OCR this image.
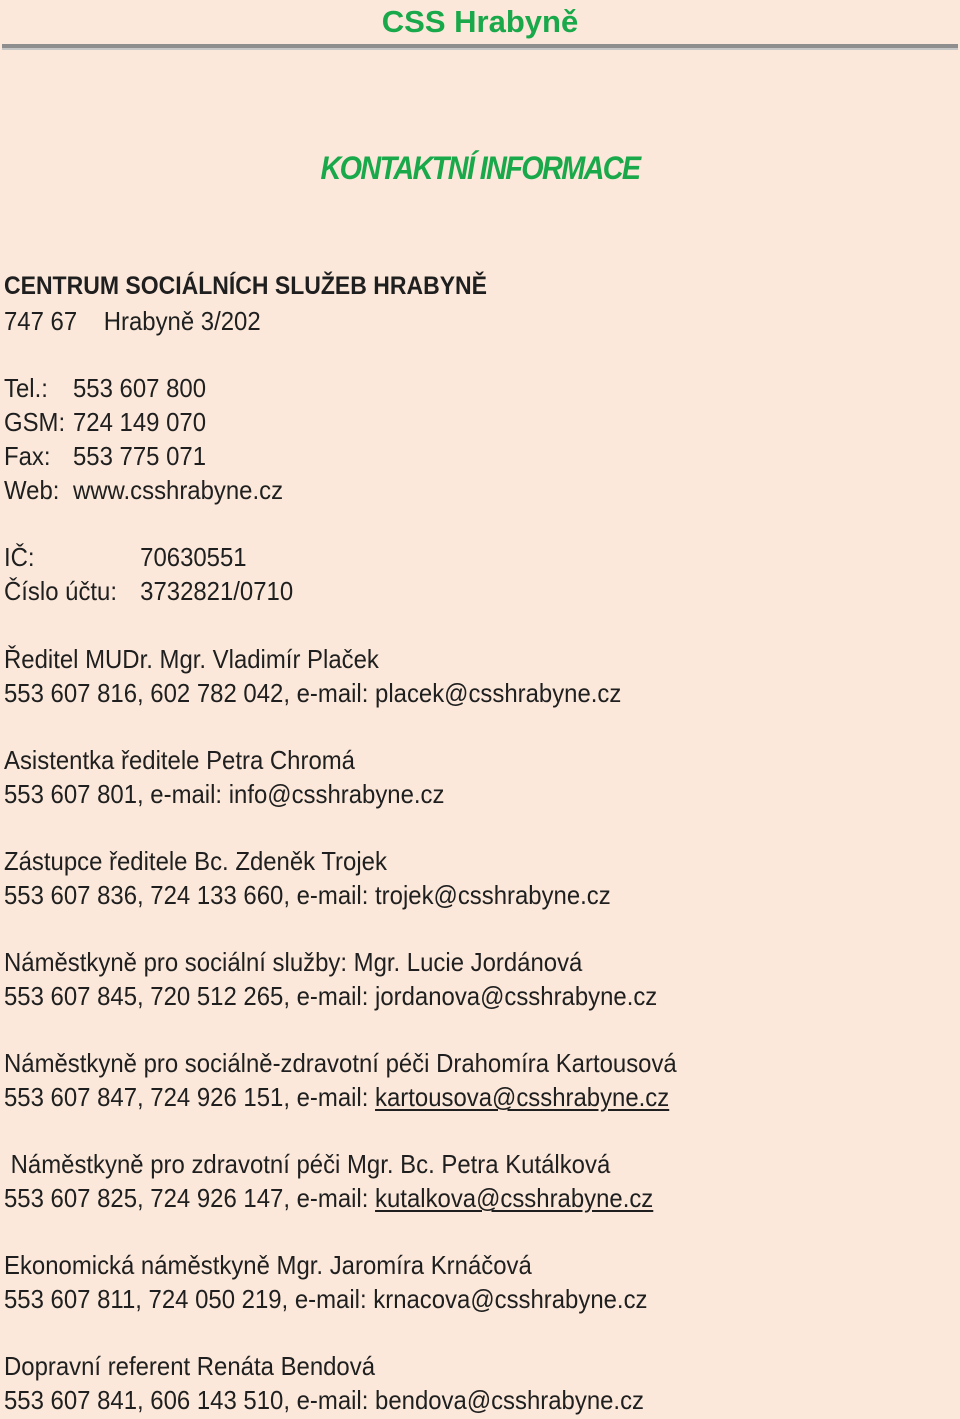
CSS Hrabyně
KONTAKTNÍ INFORMACE
CENTRUM SOCIÁLNÍCH SLUŽEB HRABYNĚ
747 67    Hrabyně 3/202
Tel.: 553 607 800
GSM: 724 149 070
Fax: 553 775 071
Web: www.csshrabyne.cz
IČ:	70630551
Číslo účtu: 3732821/0710
Ředitel MUDr. Mgr. Vladimír Plaček
553 607 816, 602 782 042, e-mail: placek@csshrabyne.cz
Asistentka ředitele Petra Chromá
553 607 801, e-mail: info@csshrabyne.cz
Zástupce ředitele Bc. Zdeněk Trojek
553 607 836, 724 133 660, e-mail: trojek@csshrabyne.cz
Náměstkyně pro sociální služby: Mgr. Lucie Jordánová
553 607 845, 720 512 265, e-mail: jordanova@csshrabyne.cz
Náměstkyně pro sociálně-zdravotní péči Drahomíra Kartousová
553 607 847, 724 926 151, e-mail: kartousova@csshrabyne.cz
Náměstkyně pro zdravotní péči Mgr. Bc. Petra Kutálková
553 607 825, 724 926 147, e-mail: kutalkova@csshrabyne.cz
Ekonomická náměstkyně Mgr. Jaromíra Krnáčová
553 607 811, 724 050 219, e-mail: krnacova@csshrabyne.cz
Dopravní referent Renáta Bendová
553 607 841, 606 143 510, e-mail: bendova@csshrabyne.cz
